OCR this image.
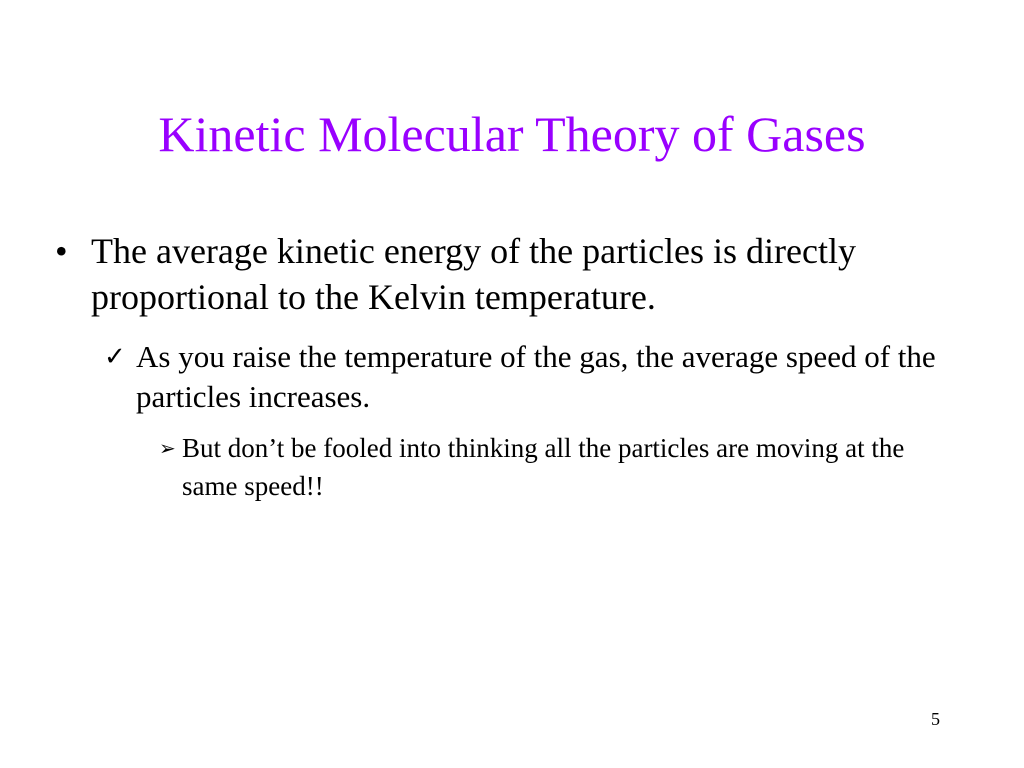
Kinetic Molecular Theory of Gases
• The average kinetic energy of the particles is directly proportional to the Kelvin temperature.
✓ As you raise the temperature of the gas, the average speed of the particles increases.
➢ But don’t be fooled into thinking all the particles are moving at the same speed!!
5
